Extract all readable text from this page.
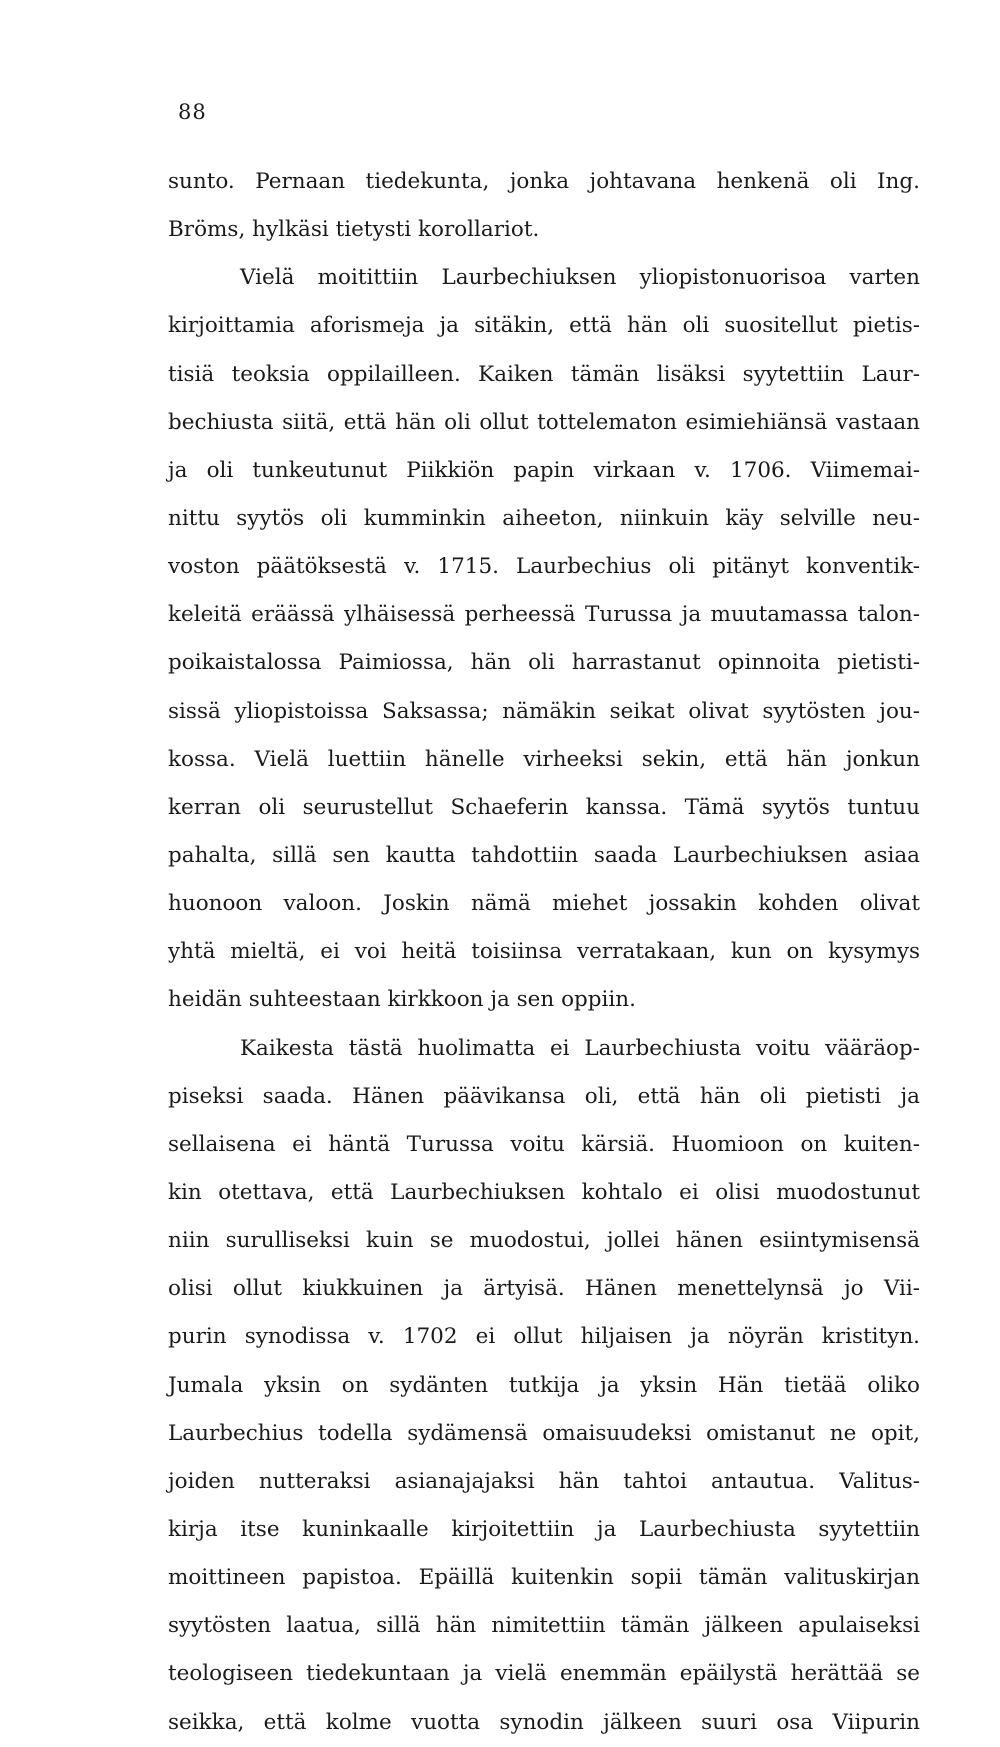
88
sunto. Pernaan tiedekunta, jonka johtavana henkenä oli Ing.
Bröms, hylkäsi tietysti korollariot.
Vielä moitittiin Laurbechiuksen yliopistonuorisoa varten
kirjoittamia aforismeja ja sitäkin, että hän oli suositellut pietis-
tisiä teoksia oppilailleen. Kaiken tämän lisäksi syytettiin Laur-
bechiusta siitä, että hän oli ollut tottelematon esimiehiänsä vastaan
ja oli tunkeutunut Piikkiön papin virkaan v. 1706. Viimemai-
nittu syytös oli kumminkin aiheeton, niinkuin käy selville neu-
voston päätöksestä v. 1715. Laurbechius oli pitänyt konventik-
keleitä eräässä ylhäisessä perheessä Turussa ja muutamassa talon-
poikaistalossa Paimiossa, hän oli harrastanut opinnoita pietisti-
sissä yliopistoissa Saksassa; nämäkin seikat olivat syytösten jou-
kossa. Vielä luettiin hänelle virheeksi sekin, että hän jonkun
kerran oli seurustellut Schaeferin kanssa. Tämä syytös tuntuu
pahalta, sillä sen kautta tahdottiin saada Laurbechiuksen asiaa
huonoon valoon. Joskin nämä miehet jossakin kohden olivat
yhtä mieltä, ei voi heitä toisiinsa verratakaan, kun on kysymys
heidän suhteestaan kirkkoon ja sen oppiin.
Kaikesta tästä huolimatta ei Laurbechiusta voitu vääräop-
piseksi saada. Hänen päävikansa oli, että hän oli pietisti ja
sellaisena ei häntä Turussa voitu kärsiä. Huomioon on kuiten-
kin otettava, että Laurbechiuksen kohtalo ei olisi muodostunut
niin surulliseksi kuin se muodostui, jollei hänen esiintymisensä
olisi ollut kiukkuinen ja ärtyisä. Hänen menettelynsä jo Vii-
purin synodissa v. 1702 ei ollut hiljaisen ja nöyrän kristityn.
Jumala yksin on sydänten tutkija ja yksin Hän tietää oliko
Laurbechius todella sydämensä omaisuudeksi omistanut ne opit,
joiden nutteraksi asianajajaksi hän tahtoi antautua. Valitus-
kirja itse kuninkaalle kirjoitettiin ja Laurbechiusta syytettiin
moittineen papistoa. Epäillä kuitenkin sopii tämän valituskirjan
syytösten laatua, sillä hän nimitettiin tämän jälkeen apulaiseksi
teologiseen tiedekuntaan ja vielä enemmän epäilystä herättää se
seikka, että kolme vuotta synodin jälkeen suuri osa Viipurin
